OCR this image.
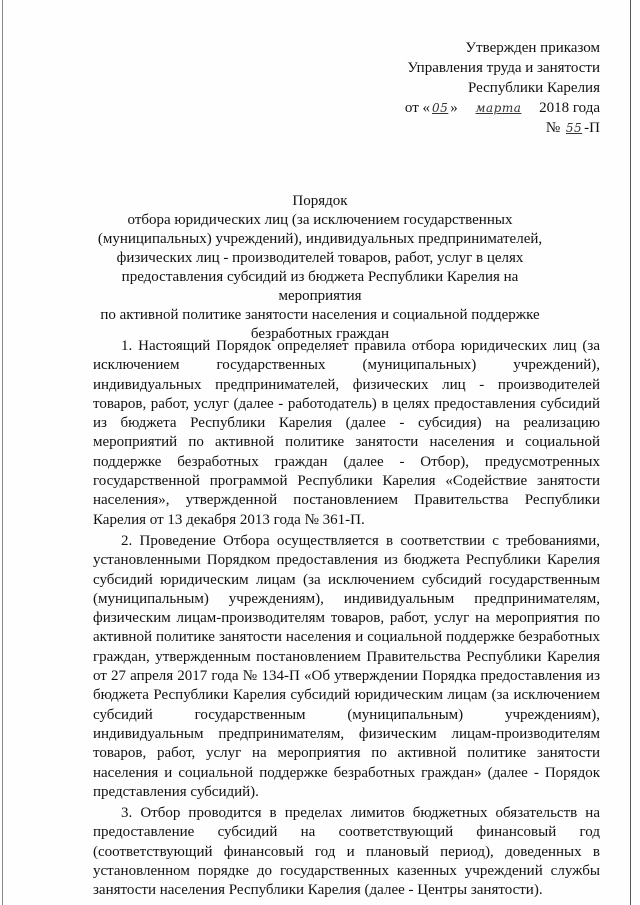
Утвержден приказом
Управления труда и занятости
Республики Карелия
от « 05 » марта 2018 года
№ 55 -П
Порядок
отбора юридических лиц (за исключением государственных
(муниципальных) учреждений), индивидуальных предпринимателей,
физических лиц - производителей товаров, работ, услуг в целях
предоставления субсидий из бюджета Республики Карелия на мероприятия
по активной политике занятости населения и социальной поддержке
безработных граждан

1. Настоящий Порядок определяет правила отбора юридических лиц (за исключением государственных (муниципальных) учреждений), индивидуальных предпринимателей, физических лиц - производителей товаров, работ, услуг (далее - работодатель) в целях предоставления субсидий из бюджета Республики Карелия (далее - субсидия) на реализацию мероприятий по активной политике занятости населения и социальной поддержке безработных граждан (далее - Отбор), предусмотренных государственной программой Республики Карелия «Содействие занятости населения», утвержденной постановлением Правительства Республики Карелия от 13 декабря 2013 года № 361-П.

2. Проведение Отбора осуществляется в соответствии с требованиями, установленными Порядком предоставления из бюджета Республики Карелия субсидий юридическим лицам (за исключением субсидий государственным (муниципальным) учреждениям), индивидуальным предпринимателям, физическим лицам-производителям товаров, работ, услуг на мероприятия по активной политике занятости населения и социальной поддержке безработных граждан, утвержденным постановлением Правительства Республики Карелия от 27 апреля 2017 года № 134-П «Об утверждении Порядка предоставления из бюджета Республики Карелия субсидий юридическим лицам (за исключением субсидий государственным (муниципальным) учреждениям), индивидуальным предпринимателям, физическим лицам-производителям товаров, работ, услуг на мероприятия по активной политике занятости населения и социальной поддержке безработных граждан» (далее - Порядок представления субсидий).

3. Отбор проводится в пределах лимитов бюджетных обязательств на предоставление субсидий на соответствующий финансовый год (соответствующий финансовый год и плановый период), доведенных в установленном порядке до государственных казенных учреждений службы занятости населения Республики Карелия (далее - Центры занятости).
